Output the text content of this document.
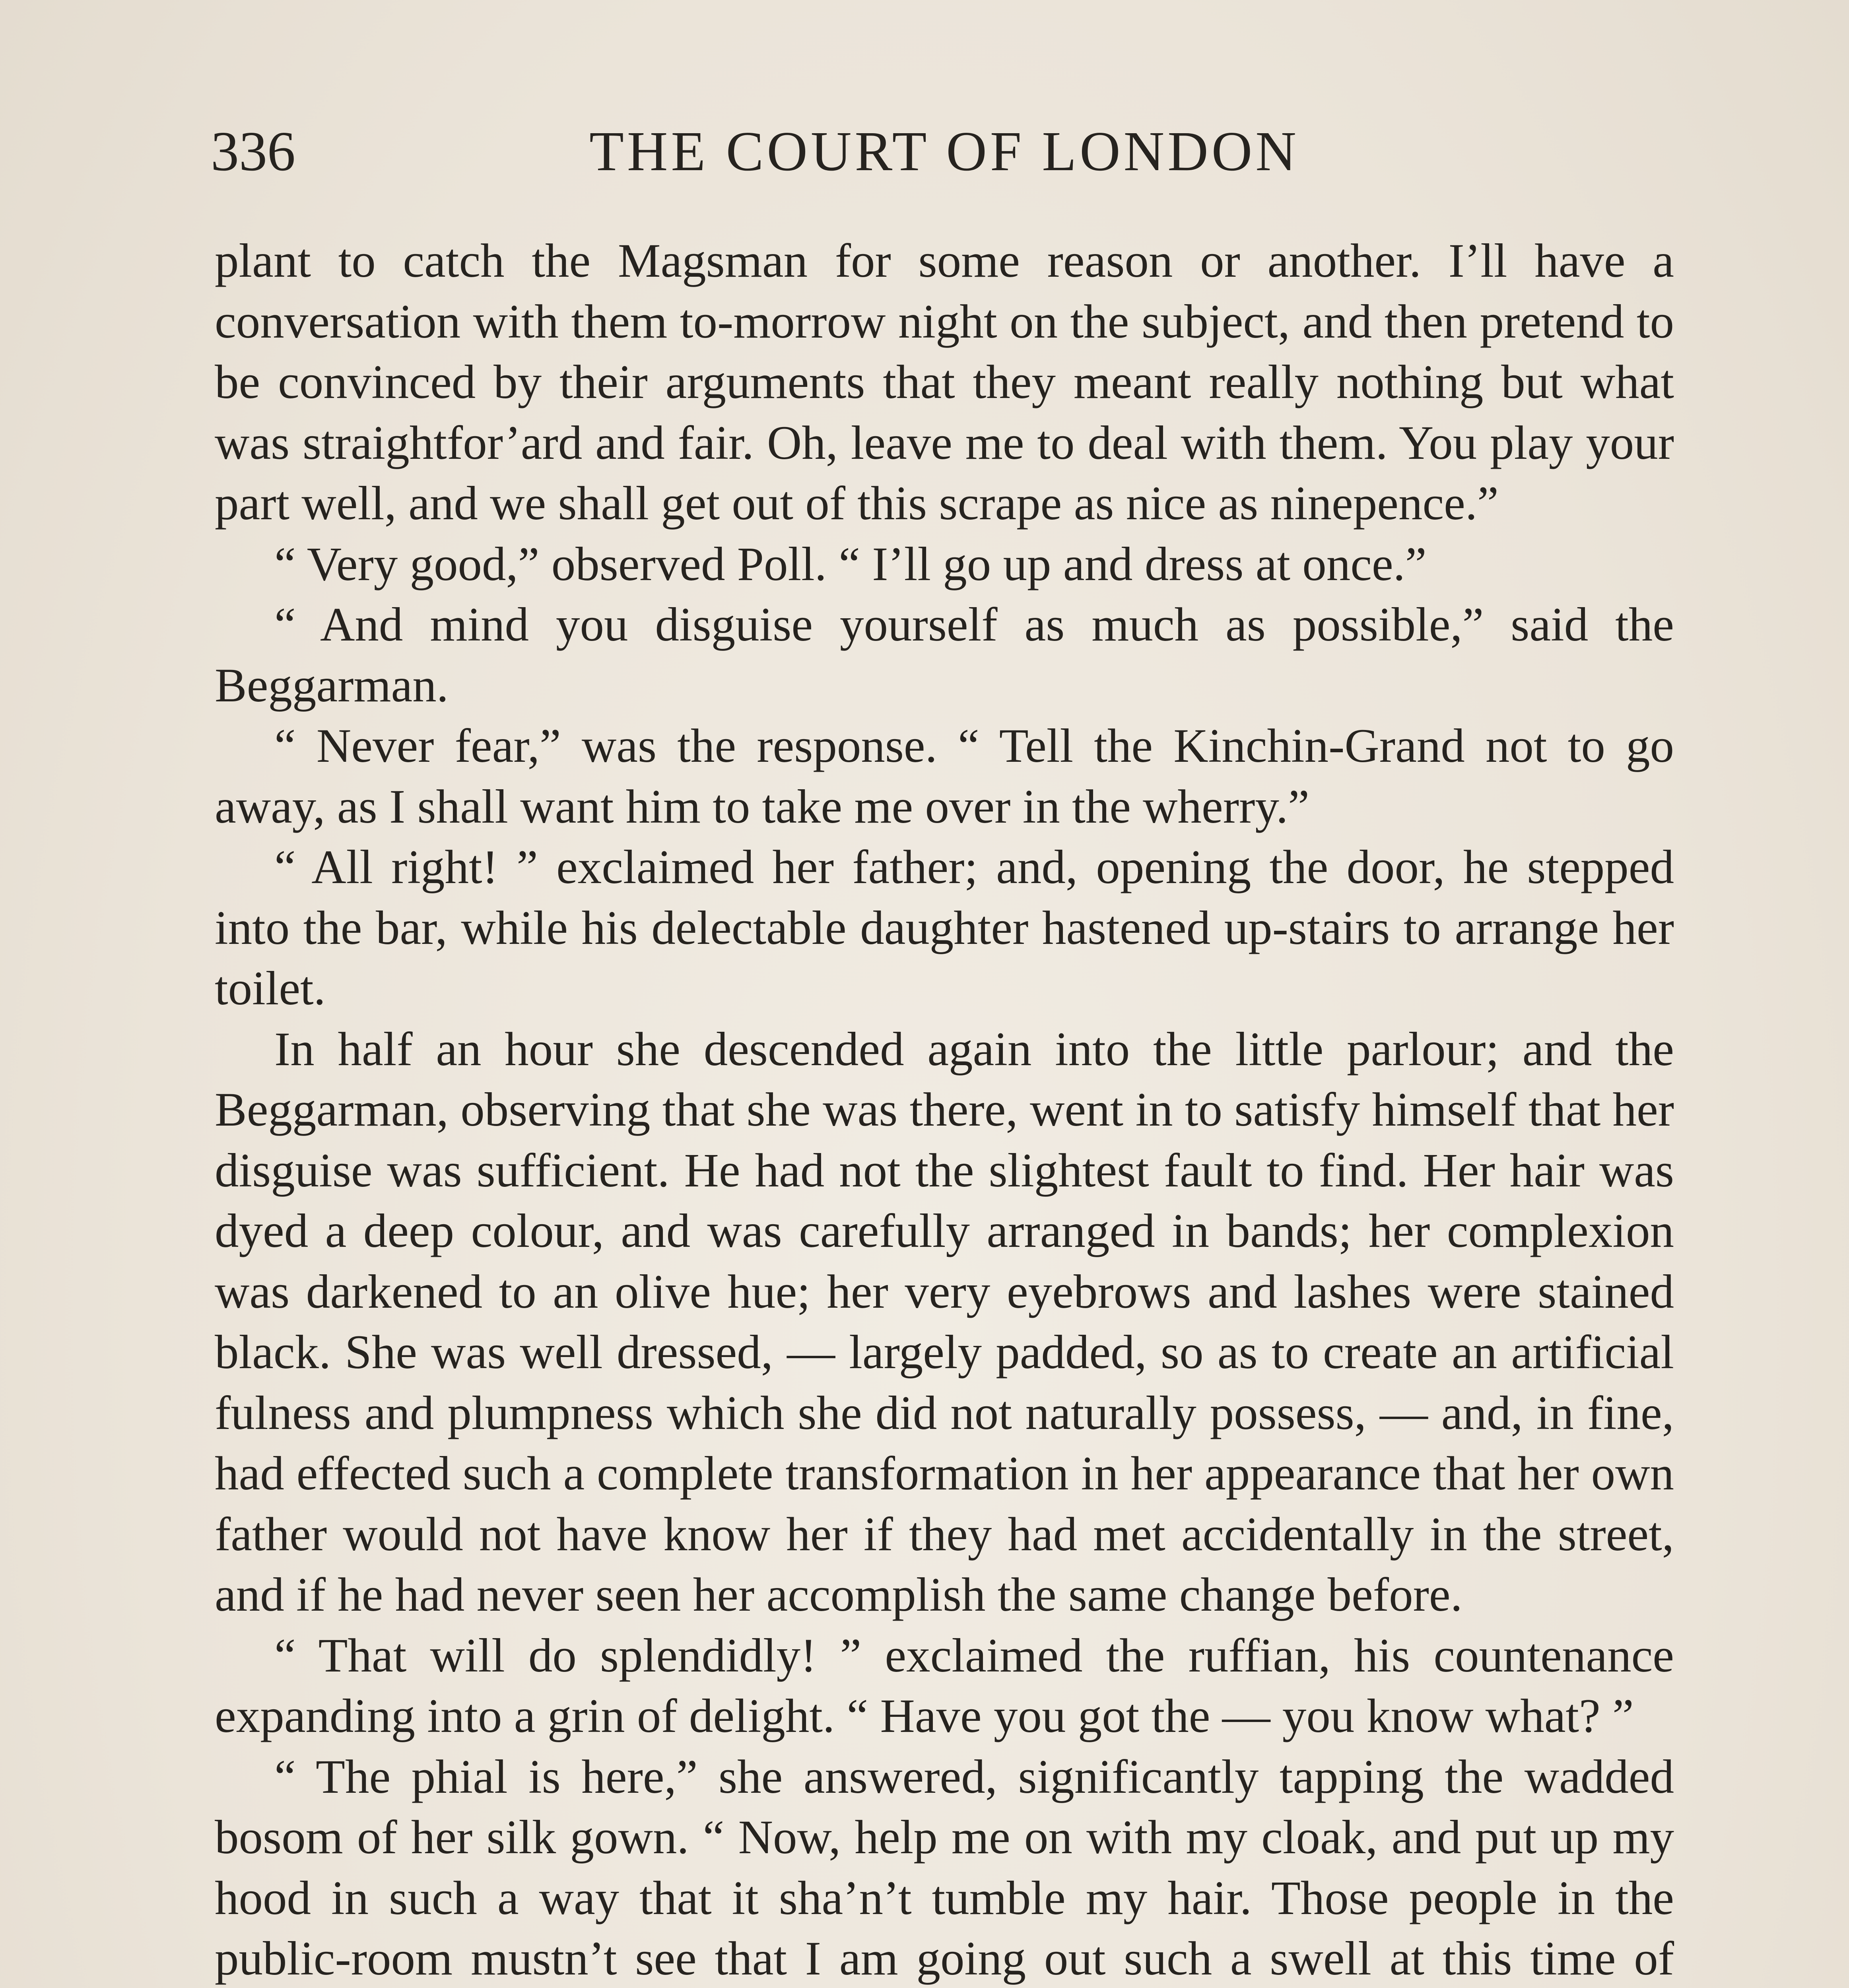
336	THE COURT OF LONDON

plant to catch the Magsman for some reason or another. I’ll have a conversation with them to-morrow night on the subject, and then pretend to be convinced by their arguments that they meant really nothing but what was straightfor’ard and fair. Oh, leave me to deal with them. You play your part well, and we shall get out of this scrape as nice as ninepence.”

“ Very good,” observed Poll. “ I’ll go up and dress at once.”

“ And mind you disguise yourself as much as possible,” said the Beggarman.

“ Never fear,” was the response. “ Tell the Kinchin-Grand not to go away, as I shall want him to take me over in the wherry.”

“ All right! ” exclaimed her father; and, opening the door, he stepped into the bar, while his delectable daughter hastened up-stairs to arrange her toilet.

In half an hour she descended again into the little parlour; and the Beggarman, observing that she was there, went in to satisfy himself that her disguise was sufficient. He had not the slightest fault to find. Her hair was dyed a deep colour, and was carefully arranged in bands; her complexion was darkened to an olive hue; her very eyebrows and lashes were stained black. She was well dressed, — largely padded, so as to create an artificial fulness and plumpness which she did not naturally possess, — and, in fine, had effected such a complete transformation in her appearance that her own father would not have know her if they had met accidentally in the street, and if he had never seen her accomplish the same change before.

“ That will do splendidly! ” exclaimed the ruffian, his countenance expanding into a grin of delight. “ Have you got the — you know what? ”

“ The phial is here,” she answered, significantly tapping the wadded bosom of her silk gown. “ Now, help me on with my cloak, and put up my hood in such a way that it sha’n’t tumble my hair. Those people in the public-room mustn’t see that I am going out such a swell at this time of
